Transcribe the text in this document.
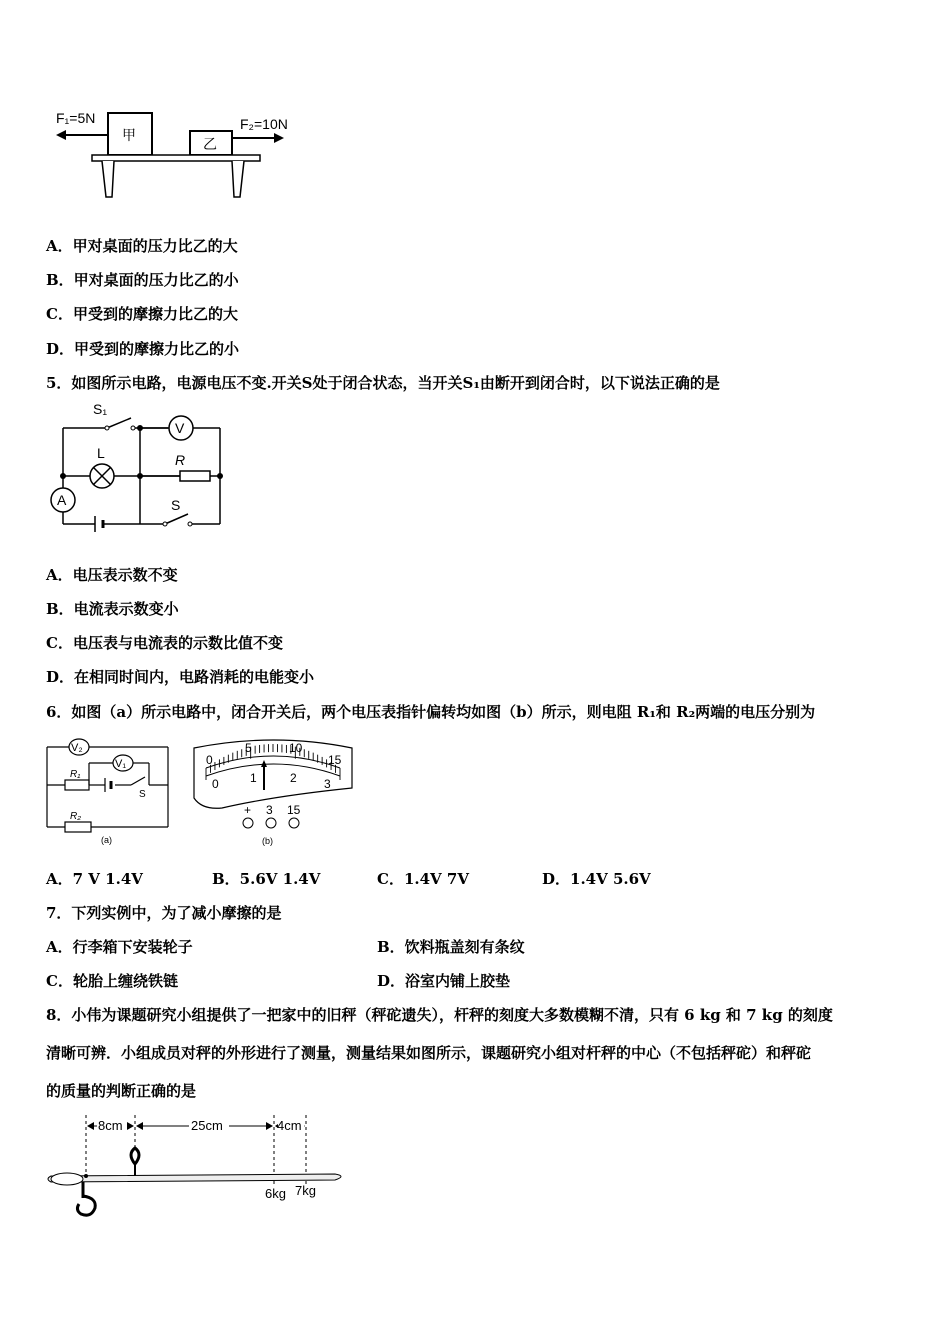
F₁=5N
甲
乙
F₂=10N
A．甲对桌面的压力比乙的大
B．甲对桌面的压力比乙的小
C．甲受到的摩擦力比乙的大
D．甲受到的摩擦力比乙的小
5．如图所示电路，电源电压不变.开关S处于闭合状态，当开关S₁由断开到闭合时，以下说法正确的是
V
A
S₁
L	R
S
A．电压表示数不变
B．电流表示数变小
C．电压表与电流表的示数比值不变
D．在相同时间内，电路消耗的电能变小
6．如图（a）所示电路中，闭合开关后，两个电压表指针偏转均如图（b）所示，则电阻 R₁和 R₂两端的电压分别为
V₂
V₁
R₁
R₂
S
(a)
0
5	10
15
0	1	2 3
+ 3 15
(b)
A．7 V 1.4V	B．5.6V 1.4V	C．1.4V 7V	D．1.4V 5.6V
7．下列实例中，为了减小摩擦的是
A．行李箱下安装轮子	B．饮料瓶盖刻有条纹
C．轮胎上缠绕铁链	D．浴室内铺上胶垫
8．小伟为课题研究小组提供了一把家中的旧秤（秤砣遗失），杆秤的刻度大多数模糊不清，只有 6 kg 和 7 kg 的刻度
清晰可辨．小组成员对秤的外形进行了测量，测量结果如图所示，课题研究小组对杆秤的中心（不包括秤砣）和秤砣
的质量的判断正确的是
8cm	25cm	4cm
6kg 7kg
